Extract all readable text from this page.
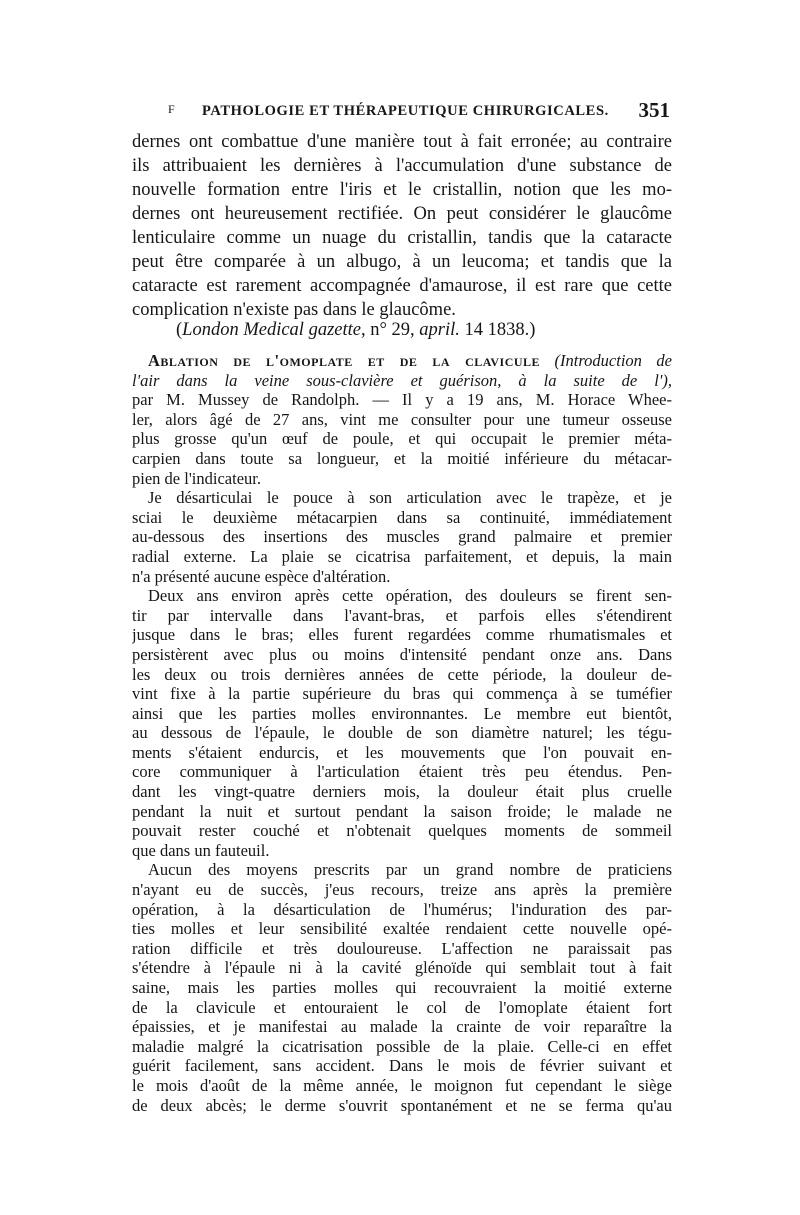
F PATHOLOGIE ET THÉRAPEUTIQUE CHIRURGICALES. 351
dernes ont combattue d'une manière tout à fait erronée; au contraire
ils attribuaient les dernières à l'accumulation d'une substance de
nouvelle formation entre l'iris et le cristallin, notion que les mo-
dernes ont heureusement rectifiée. On peut considérer le glaucôme
lenticulaire comme un nuage du cristallin, tandis que la cataracte
peut être comparée à un albugo, à un leucoma; et tandis que la
cataracte est rarement accompagnée d'amaurose, il est rare que cette
complication n'existe pas dans le glaucôme.
(London Medical gazette, n° 29, april. 14 1838.)
Ablation de l'omoplate et de la clavicule (Introduction de
l'air dans la veine sous-clavière et guérison, à la suite de l'),
par M. Mussey de Randolph. — Il y a 19 ans, M. Horace Whee-
ler, alors âgé de 27 ans, vint me consulter pour une tumeur osseuse
plus grosse qu'un œuf de poule, et qui occupait le premier méta-
carpien dans toute sa longueur, et la moitié inférieure du métacar-
pien de l'indicateur.
Je désarticulai le pouce à son articulation avec le trapèze, et je
sciai le deuxième métacarpien dans sa continuité, immédiatement
au-dessous des insertions des muscles grand palmaire et premier
radial externe. La plaie se cicatrisa parfaitement, et depuis, la main
n'a présenté aucune espèce d'altération.
Deux ans environ après cette opération, des douleurs se firent sen-
tir par intervalle dans l'avant-bras, et parfois elles s'étendirent
jusque dans le bras; elles furent regardées comme rhumatismales et
persistèrent avec plus ou moins d'intensité pendant onze ans. Dans
les deux ou trois dernières années de cette période, la douleur de-
vint fixe à la partie supérieure du bras qui commença à se tuméfier
ainsi que les parties molles environnantes. Le membre eut bientôt,
au dessous de l'épaule, le double de son diamètre naturel; les tégu-
ments s'étaient endurcis, et les mouvements que l'on pouvait en-
core communiquer à l'articulation étaient très peu étendus. Pen-
dant les vingt-quatre derniers mois, la douleur était plus cruelle
pendant la nuit et surtout pendant la saison froide; le malade ne
pouvait rester couché et n'obtenait quelques moments de sommeil
que dans un fauteuil.
Aucun des moyens prescrits par un grand nombre de praticiens
n'ayant eu de succès, j'eus recours, treize ans après la première
opération, à la désarticulation de l'humérus; l'induration des par-
ties molles et leur sensibilité exaltée rendaient cette nouvelle opé-
ration difficile et très douloureuse. L'affection ne paraissait pas
s'étendre à l'épaule ni à la cavité glénoïde qui semblait tout à fait
saine, mais les parties molles qui recouvraient la moitié externe
de la clavicule et entouraient le col de l'omoplate étaient fort
épaissies, et je manifestai au malade la crainte de voir reparaître la
maladie malgré la cicatrisation possible de la plaie. Celle-ci en effet
guérit facilement, sans accident. Dans le mois de février suivant et
le mois d'août de la même année, le moignon fut cependant le siège
de deux abcès; le derme s'ouvrit spontanément et ne se ferma qu'au
